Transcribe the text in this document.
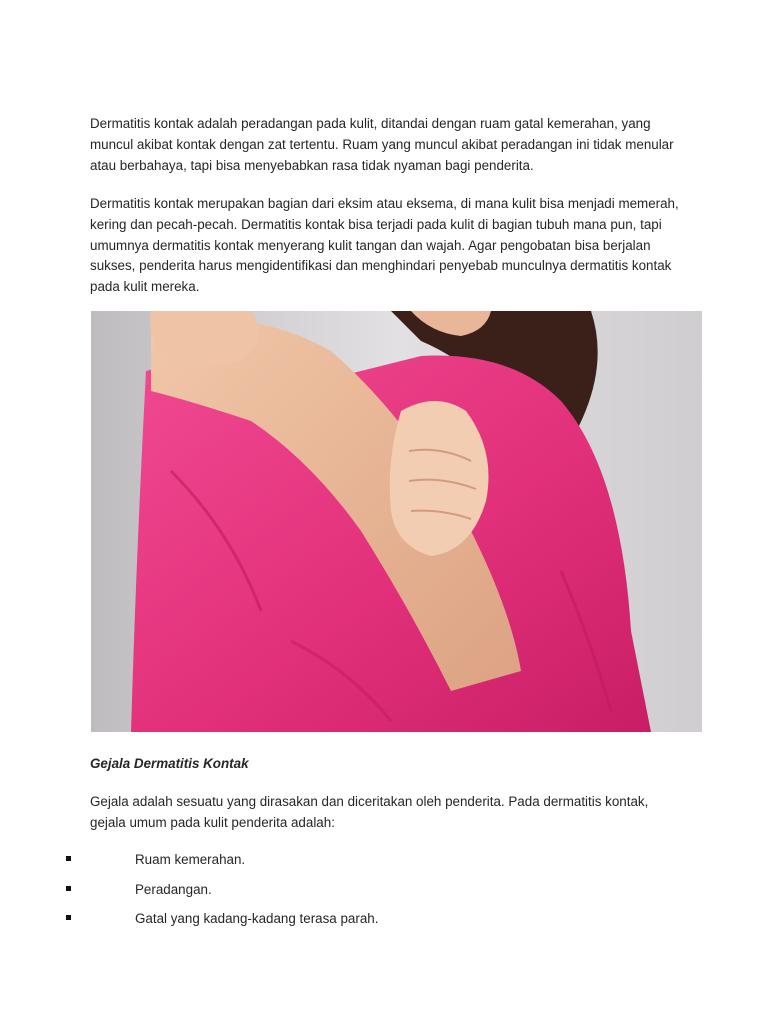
Dermatitis kontak adalah peradangan pada kulit, ditandai dengan ruam gatal kemerahan, yang muncul akibat kontak dengan zat tertentu. Ruam yang muncul akibat peradangan ini tidak menular atau berbahaya, tapi bisa menyebabkan rasa tidak nyaman bagi penderita.

Dermatitis kontak merupakan bagian dari eksim atau eksema, di mana kulit bisa menjadi memerah, kering dan pecah-pecah. Dermatitis kontak bisa terjadi pada kulit di bagian tubuh mana pun, tapi umumnya dermatitis kontak menyerang kulit tangan dan wajah. Agar pengobatan bisa berjalan sukses, penderita harus mengidentifikasi dan menghindari penyebab munculnya dermatitis kontak pada kulit mereka.

Gejala Dermatitis Kontak

Gejala adalah sesuatu yang dirasakan dan diceritakan oleh penderita. Pada dermatitis kontak, gejala umum pada kulit penderita adalah:

Ruam kemerahan.
Peradangan.
Gatal yang kadang-kadang terasa parah.
